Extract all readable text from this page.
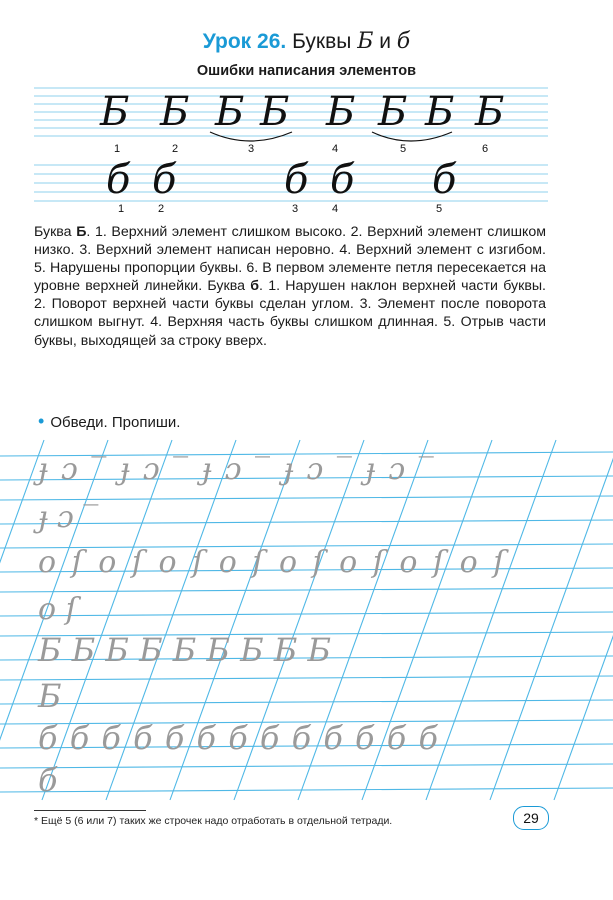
Урок 26. Буквы Б и б
Ошибки написания элементов
Б Б Б Б Б Б Б Б
1	2	3	4	5	6
б б	б б б
1	2	3	4	5
Буква Б. 1. Верхний элемент слишком высоко. 2. Верхний элемент слишком низко. 3. Верхний элемент написан неровно. 4. Верхний элемент с изгибом. 5. Нарушены пропорции буквы. 6. В первом элементе петля пересекается на уровне верхней линейки. Буква б. 1. Нарушен наклон верхней части буквы. 2. Поворот верхней части буквы сделан углом. 3. Элемент после поворота слишком выгнут. 4. Верхняя часть буквы слишком длинная. 5. Отрыв части буквы, выходящей за строку вверх.
• Обведи. Пропиши.
ɟ ɔ ‾ ɟ ɔ ‾ ɟ ɔ ‾ ɟ ɔ ‾ ɟ ɔ ‾
ɟ ɔ ‾
o ſ o ſ o ſ o ſ o ſ o ſ o ſ o ſ
o ſ
Б Б Б Б Б Б Б Б Б
Б
б б б б б б б б б б б б б
б
* Ещё 5 (6 или 7) таких же строчек надо отработать в отдельной тетради.	29
